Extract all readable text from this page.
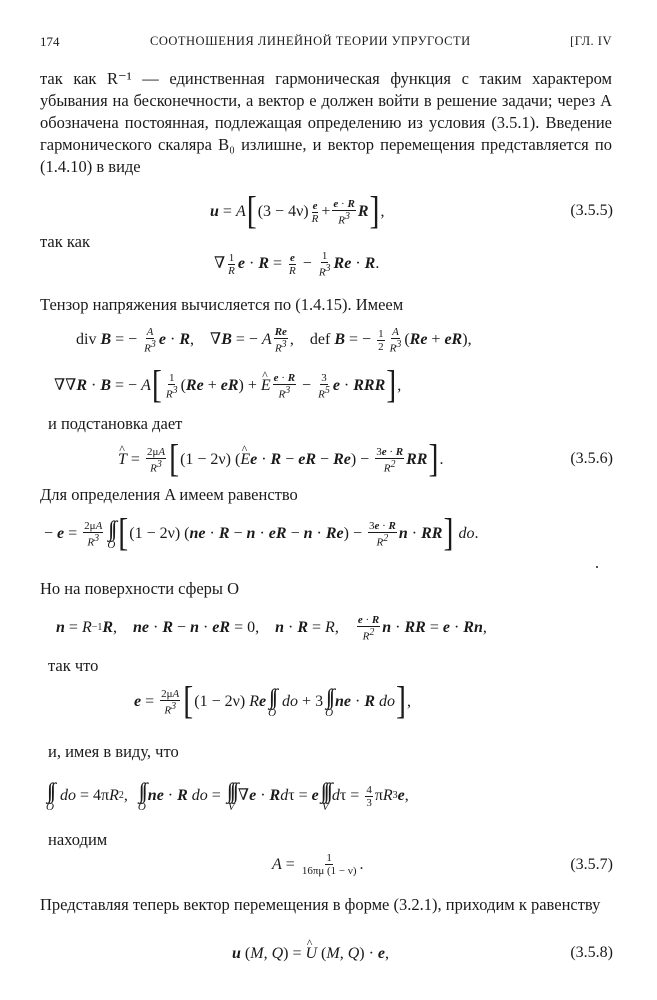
174	СООТНОШЕНИЯ ЛИНЕЙНОЙ ТЕОРИИ УПРУГОСТИ	[ГЛ. IV

так как R⁻¹ — единственная гармоническая функция с таким характером убывания на бесконечности, а вектор e должен войти в решение задачи; через A обозначена постоянная, подлежащая определению из условия (3.5.1). Введение гармонического скаляра B₀ излишне, и вектор перемещения представляется по (1.4.10) в виде

u = A [ $(3 - 4\nu) \frac{e}{R} + \frac{e \cdot R}{R^3}$ R ] ,	(3.5.5)
так как
∇ $\frac{1}{R}$ $e \cdot R = \frac{e}{R} - \frac{1}{R^3}$ Re · R .

Тензор напряжения вычисляется по (1.4.15). Имеем

div B = − $\frac{A}{R^3}$ e · R ,    ∇ B = − A $\frac{Re}{R^3}$ ,    def B = − $\frac{1}{2} \frac{A}{R^3}$ ( Re + eR ),
∇∇ R · B = − A [ $\frac{1}{R^3}$ ( Re + eR ) + ^ E $\frac{e \cdot R}{R^3} - \frac{3}{R^5}$ e · RRR ] ,
и подстановка дает
^ $T = \frac{2\mu A}{R^3}$ [ (1 − 2ν) ( ^ E e · R − eR − Re ) − $\frac{3e \cdot R}{R^2}$ RR ] .	(3.5.6)

Для определения A имеем равенство

− $e = \frac{2\mu A}{R^3}$ ∫∫
O [ (1 − 2ν) ( ne · R − n · eR − n · Re ) − $\frac{3e \cdot R}{R^2}$ n · RR ]
do .

Но на поверхности сферы O

n = R −1 R , ne · R − n · eR = 0, n · R = R , $\frac{e \cdot R}{R^2}$ n · RR = e · Rn ,
так что
$e = \frac{2\mu A}{R^3}$ [ (1 − 2ν) R e ∫∫
O

do + 3 ∫∫
O
ne · R
do ] ,
и, имея в виду, что
∫∫
O

do = 4π R 2 , ∫∫
O
ne · R
do = ∫∫∫
V
∇ e · R d τ = e ∫∫∫
V
d $\tau = \frac{4}{3}$ π R 3 e ,
находим
$A = \frac{1}{16\pi\mu (1 - \nu)}$ .	(3.5.7)

Представляя теперь вектор перемещения в форме (3.2.1), приходим к равенству

u ( M , Q ) = ^ U ( M , Q ) · e ,	(3.5.8)
